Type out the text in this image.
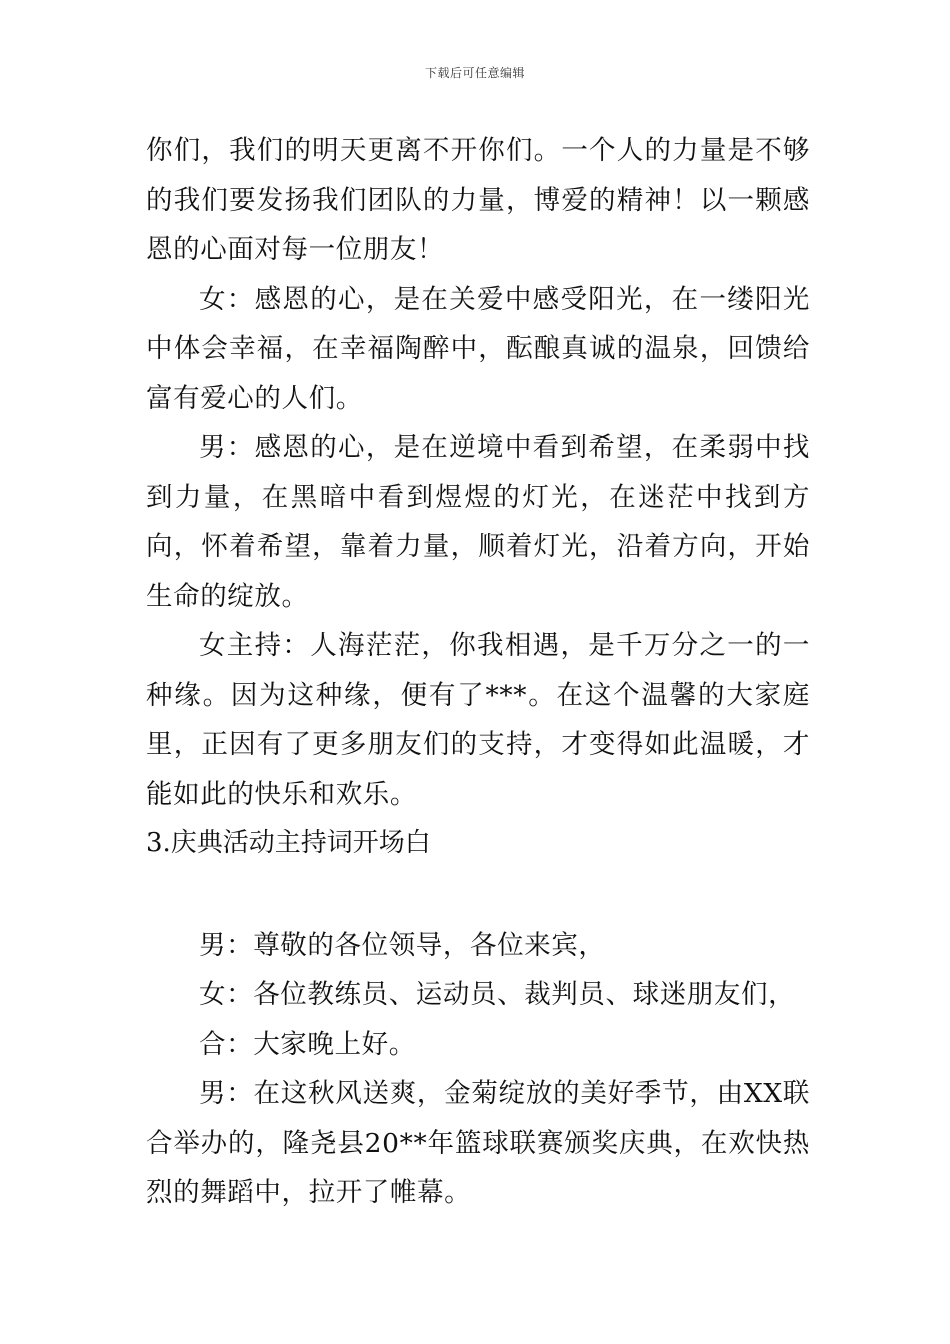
下载后可任意编辑

你们，我们的明天更离不开你们。一个人的力量是不够的我们要发扬我们团队的力量，博爱的精神！以一颗感恩的心面对每一位朋友！

女：感恩的心，是在关爱中感受阳光，在一缕阳光中体会幸福，在幸福陶醉中，酝酿真诚的温泉，回馈给富有爱心的人们。

男：感恩的心，是在逆境中看到希望，在柔弱中找到力量，在黑暗中看到煜煜的灯光，在迷茫中找到方向，怀着希望，靠着力量，顺着灯光，沿着方向，开始生命的绽放。

女主持：人海茫茫，你我相遇，是千万分之一的一种缘。因为这种缘，便有了***。在这个温馨的大家庭里，正因有了更多朋友们的支持，才变得如此温暖，才能如此的快乐和欢乐。

3.庆典活动主持词开场白

男：尊敬的各位领导，各位来宾，

女：各位教练员、运动员、裁判员、球迷朋友们，

合：大家晚上好。

男：在这秋风送爽，金菊绽放的美好季节，由XX联合举办的，隆尧县20**年篮球联赛颁奖庆典，在欢快热烈的舞蹈中，拉开了帷幕。
